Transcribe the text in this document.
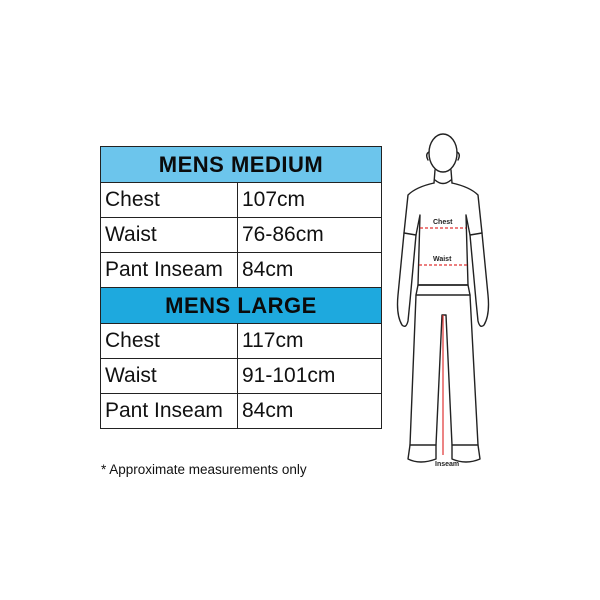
MENS MEDIUM	
Chest	107cm
Waist	76-86cm
Pant Inseam	84cm
MENS LARGE	
Chest	117cm
Waist	91-101cm
Pant Inseam	84cm
* Approximate measurements only
Chest
Waist
Inseam
